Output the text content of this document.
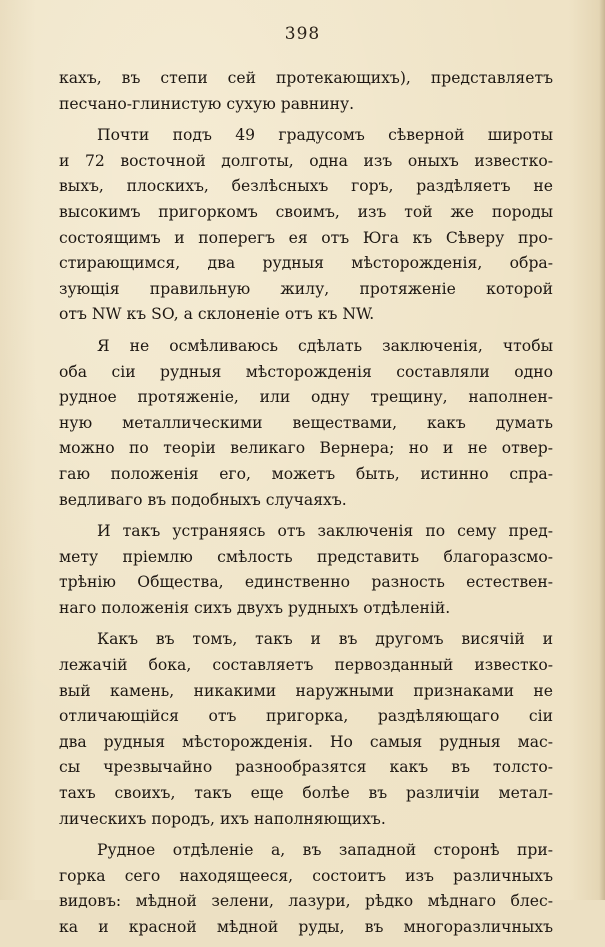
398
кахъ, въ степи сей протекающихъ), представляетъ
песчано-глинистую сухую равнину.
Почти подъ 49 градусомъ сѣверной широты
и 72 восточной долготы, одна изъ оныхъ известко-
выхъ, плоскихъ, безлѣсныхъ горъ, раздѣляетъ не
высокимъ пригоркомъ своимъ, изъ той же породы
состоящимъ и поперегъ ея отъ Юга къ Сѣверу про-
стирающимся, два рудныя мѣсторожденія, обра-
зующія правильную жилу, протяженіе которой
отъ NW къ SO, а склоненіе отъ къ NW.
Я не осмѣливаюсь сдѣлать заключенія, чтобы
оба сіи рудныя мѣсторожденія составляли одно
рудное протяженіе, или одну трещину, наполнен-
ную металлическими веществами, какъ думать
можно по теоріи великаго Вернера; но и не отвер-
гаю положенія его, можетъ быть, истинно спра-
ведливаго въ подобныхъ случаяхъ.
И такъ устраняясь отъ заключенія по сему пред-
мету пріемлю смѣлость представить благоразсмо-
трѣнію Общества, единственно разность естествен-
наго положенія сихъ двухъ рудныхъ отдѣленій.
Какъ въ томъ, такъ и въ другомъ висячій и
лежачій бока, составляетъ первозданный известко-
вый камень, никакими наружными признаками не
отличающійся отъ пригорка, раздѣляющаго сіи
два рудныя мѣсторожденія. Но самыя рудныя мас-
сы чрезвычайно разнообразятся какъ въ толсто-
тахъ своихъ, такъ еще болѣе въ различіи метал-
лическихъ породъ, ихъ наполняющихъ.
Рудное отдѣленіе а, въ западной сторонѣ при-
горка сего находящееся, состоитъ изъ различныхъ
видовъ: мѣдной зелени, лазури, рѣдко мѣднаго блес-
ка и красной мѣдной руды, въ многоразличныхъ
